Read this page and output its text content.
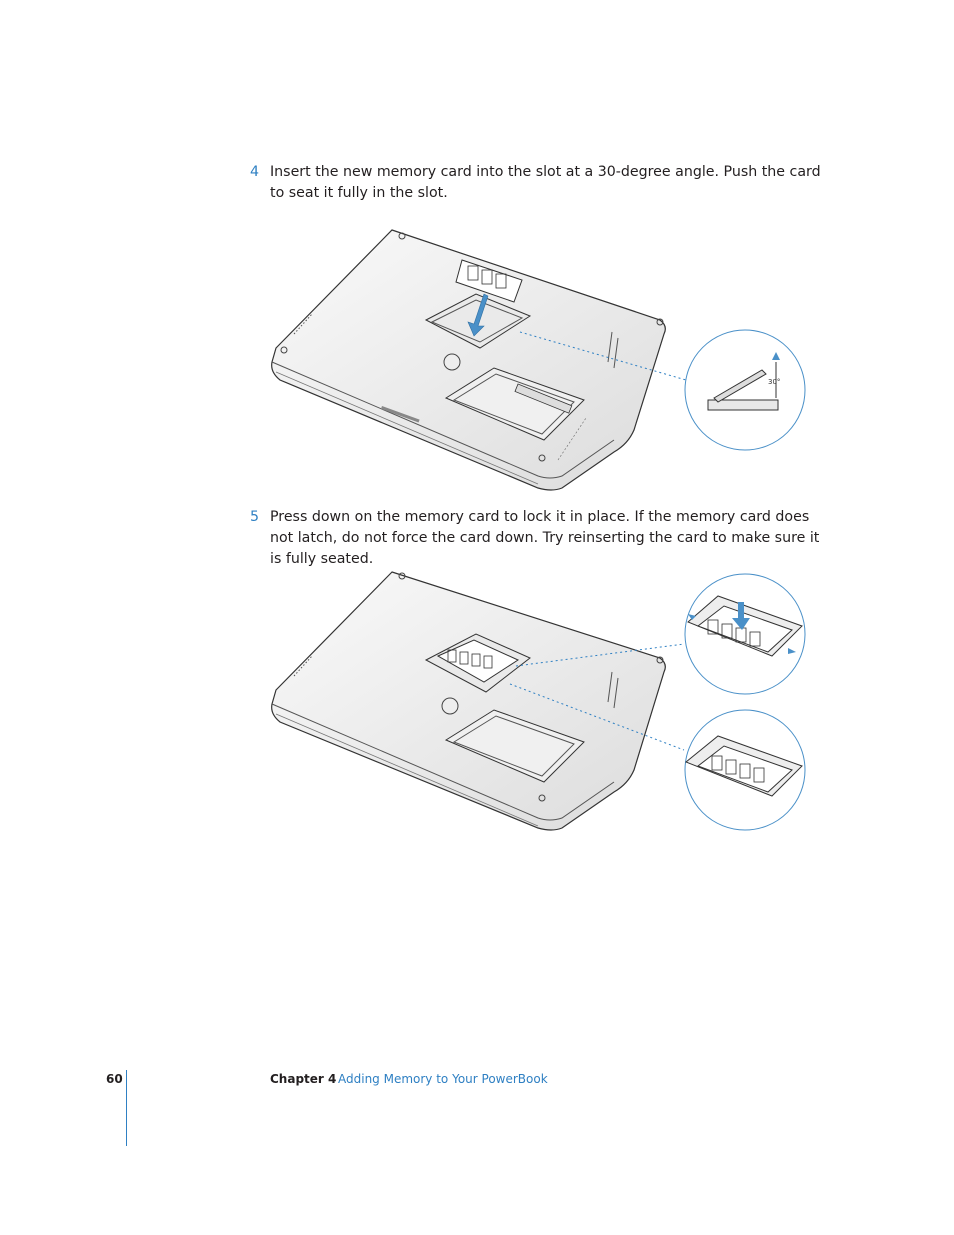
4 Insert the new memory card into the slot at a 30-degree angle. Push the card to seat it fully in the slot.
30°
5 Press down on the memory card to lock it in place. If the memory card does not latch, do not force the card down. Try reinserting the card to make sure it is fully seated.
60	Chapter 4 Adding Memory to Your PowerBook
